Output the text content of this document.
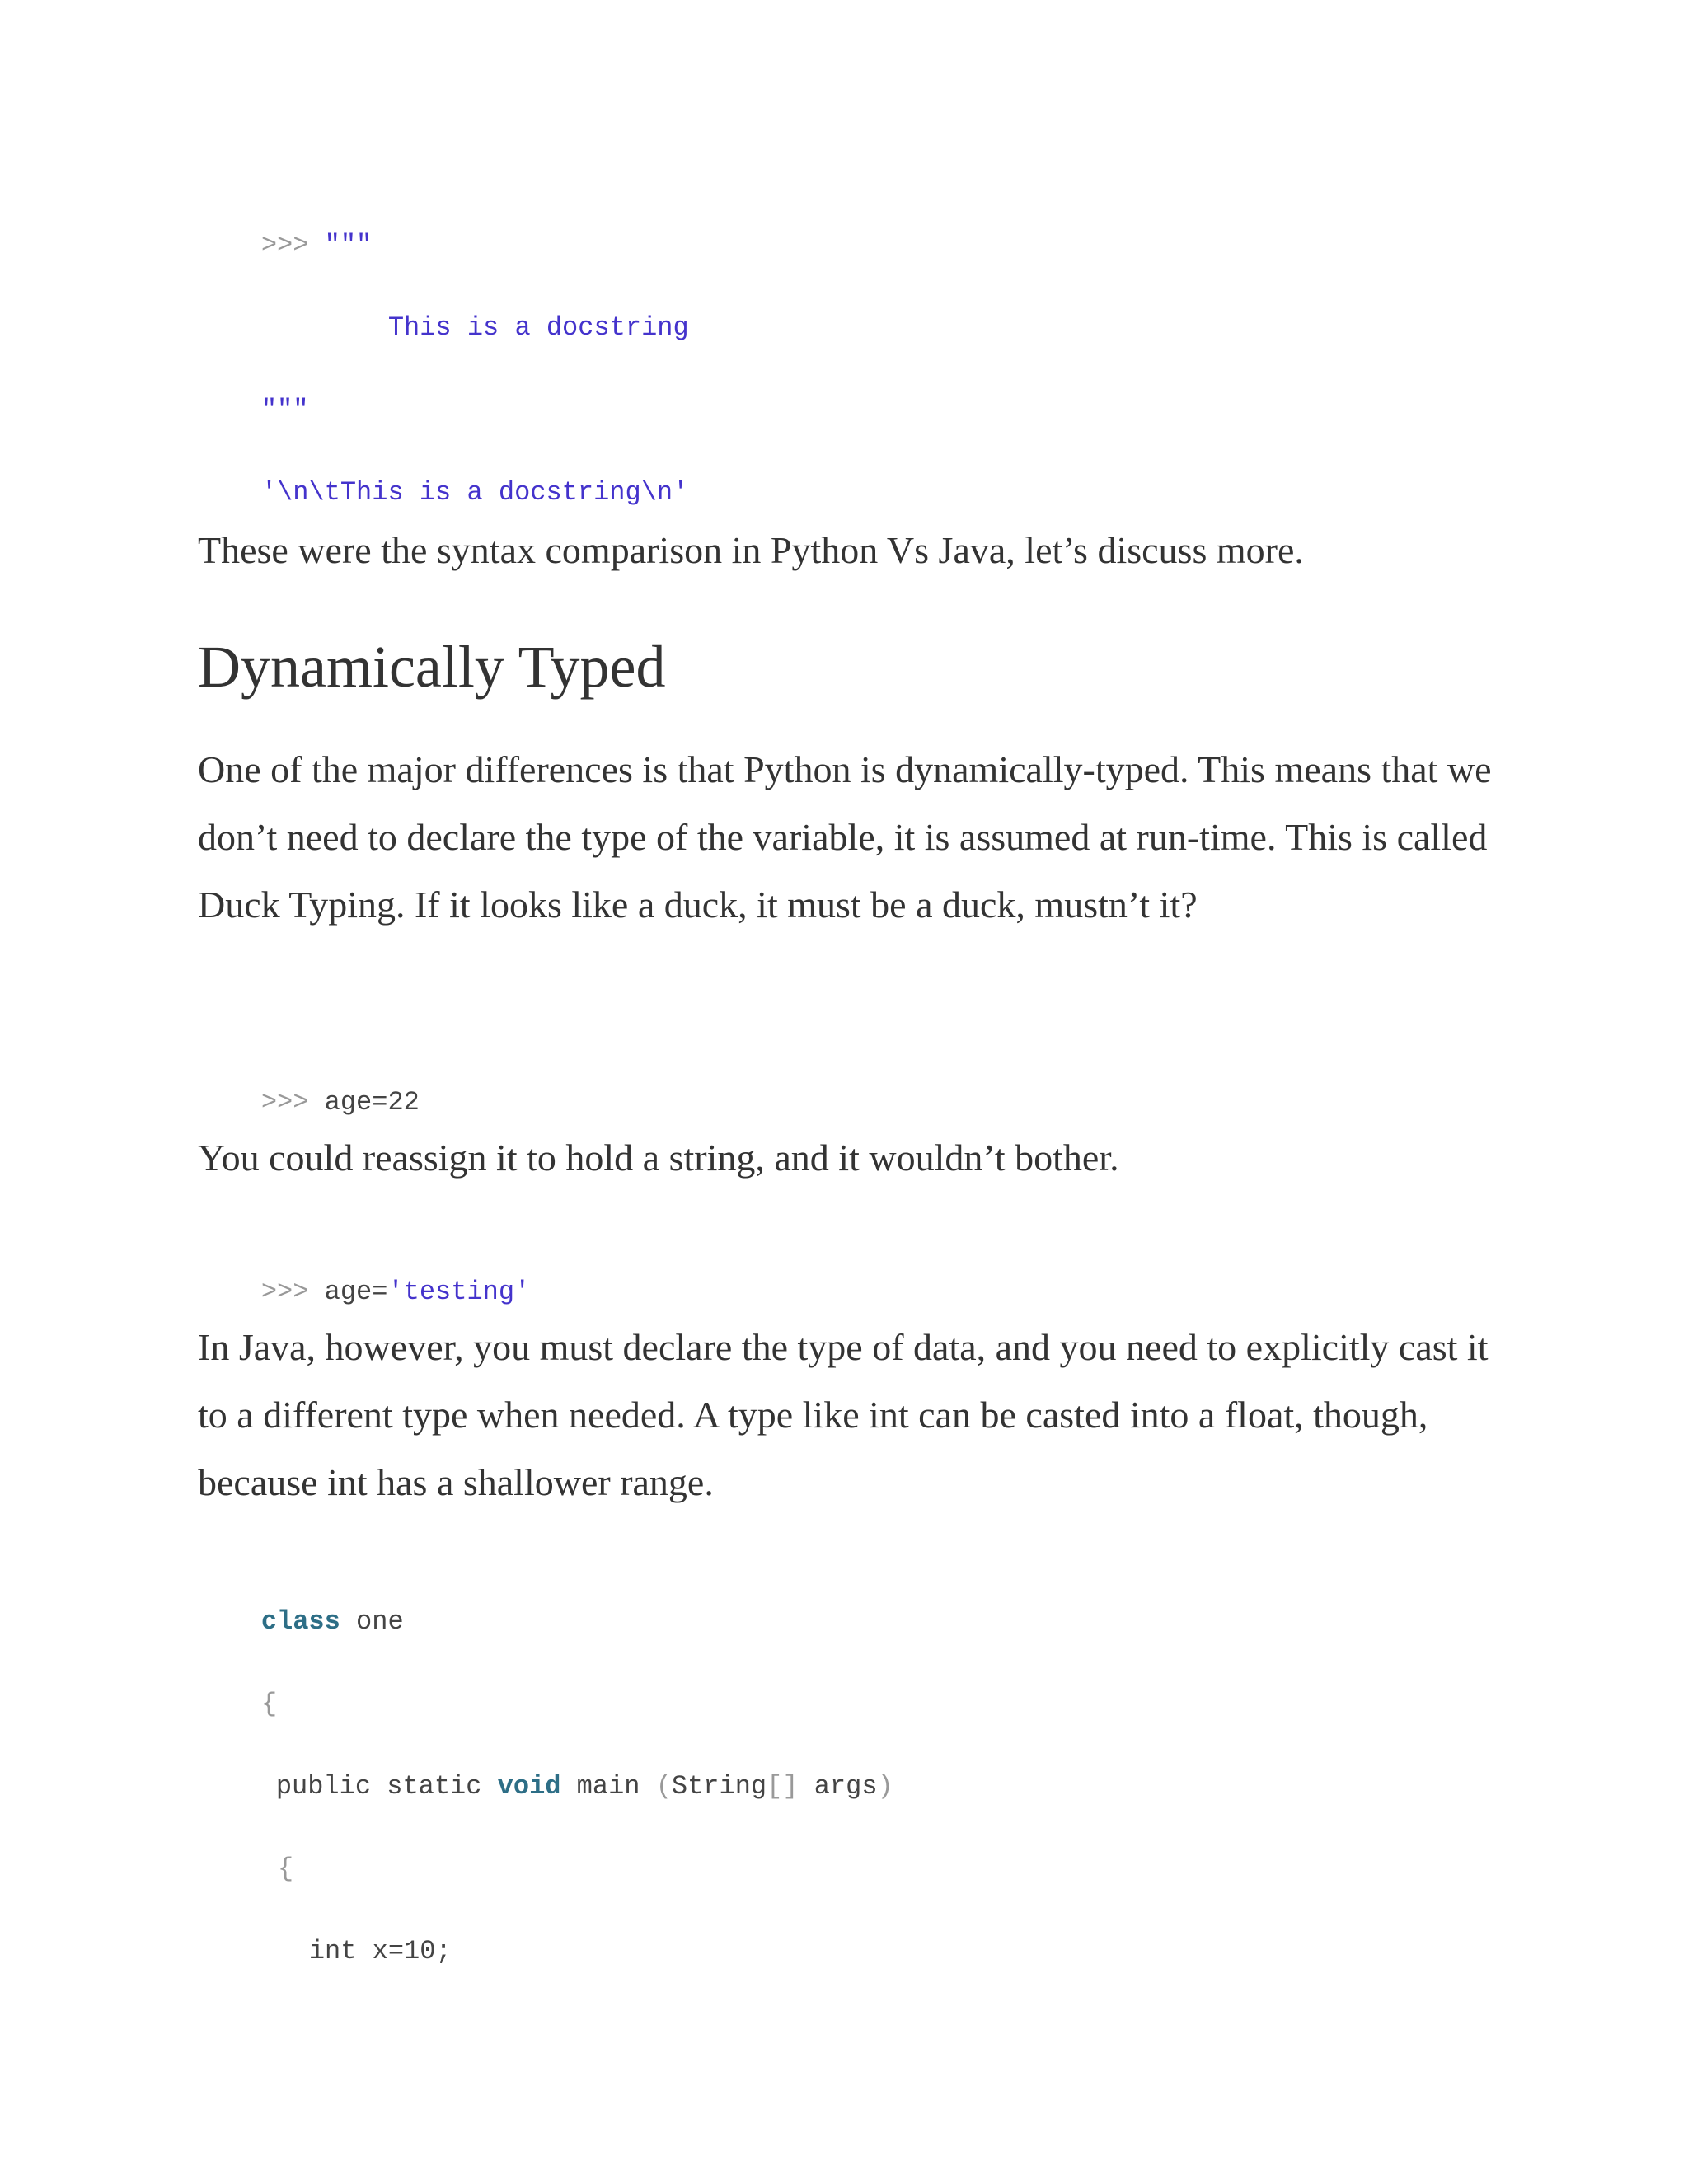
>>> """

This is a docstring

"""

'\n\tThis is a docstring\n'

These were the syntax comparison in Python Vs Java, let’s discuss more.

Dynamically Typed

One of the major differences is that Python is dynamically-typed. This means that we don’t need to declare the type of the variable, it is assumed at run-time. This is called Duck Typing. If it looks like a duck, it must be a duck, mustn’t it?

>>> age=22

You could reassign it to hold a string, and it wouldn’t bother.

>>> age='testing'

In Java, however, you must declare the type of data, and you need to explicitly cast it to a different type when needed. A type like int can be casted into a float, though, because int has a shallower range.

class one

{

public static void main (String[] args)

{

int x=10;
